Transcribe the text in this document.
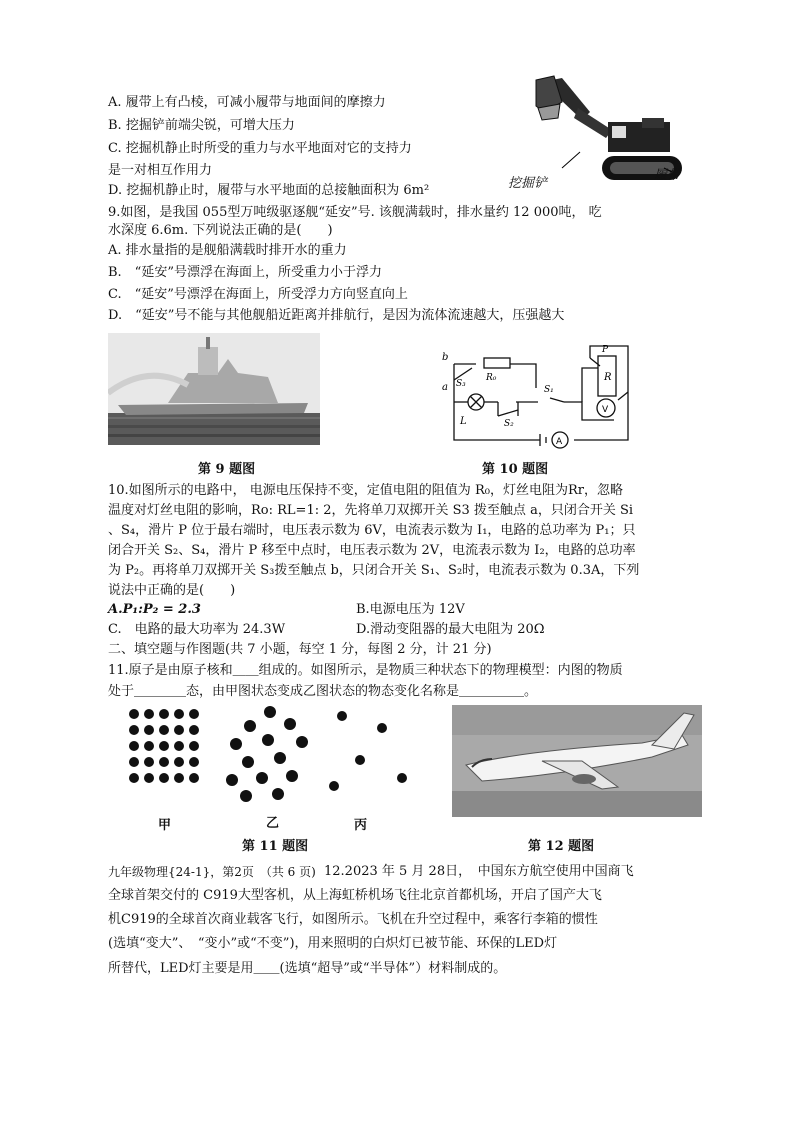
A. 履带上有凸棱，可减小履带与地面间的摩擦力
B. 挖掘铲前端尖锐，可增大压力
C. 挖掘机静止时所受的重力与水平地面对它的支持力
是一对相互作用力
D. 挖掘机静止时，履带与水平地面的总接触面积为 6m²	挖掘铲
履带
9.如图，是我国 055型万吨级驱逐舰“延安”号. 该舰满载时，排水量约 12 000吨， 吃
水深度 6.6m. 下列说法正确的是(　　)
A. 排水量指的是舰船满载时排开水的重力
B.　“延安”号漂浮在海面上，所受重力小于浮力
C.　“延安”号漂浮在海面上，所受浮力方向竖直向上
D.　“延安”号不能与其他舰船近距离并排航行，是因为流体流速越大，压强越大
第 9 题图
b
a S₃
R₀
S₁
L	S₂
P
R
V
A
第 10 题图
10.如图所示的电路中， 电源电压保持不变，定值电阻的阻值为 R₀，灯丝电阻为Rr，忽略
温度对灯丝电阻的影响，Ro: RL=1: 2，先将单刀双掷开关 S3 拨至触点 a，只闭合开关 Si
、S₄，滑片 P 位于最右端时，电压表示数为 6V，电流表示数为 I₁，电路的总功率为 P₁；只
闭合开关 S₂、S₄，滑片 P 移至中点时，电压表示数为 2V，电流表示数为 I₂，电路的总功率
为 P₂。再将单刀双掷开关 S₃拨至触点 b，只闭合开关 S₁、S₂时，电流表示数为 0.3A，下列
说法中正确的是(　　)
A.P₁:P₂ = 2.3	B.电源电压为 12V
C.　电路的最大功率为 24.3W	D.滑动变阻器的最大电阻为 20Ω
二、填空题与作图题(共 7 小题，每空 1 分，每图 2 分，计 21 分)
11.原子是由原子核和＿＿组成的。如图所示，是物质三种状态下的物理模型：内图的物质
处于＿＿＿＿态，由甲图状态变成乙图状态的物态变化名称是＿＿＿＿＿。
甲	乙	丙
第 11 题图	第 12 题图
九年级物理{24-1}，第2页　（共 6 页) 12.2023 年 5 月 28日，　中国东方航空使用中国商飞
全球首架交付的 C919大型客机，从上海虹桥机场飞往北京首都机场，开启了国产大飞
机C919的全球首次商业载客飞行，如图所示。飞机在升空过程中，乘客行李箱的惯性
(选填“变大”、　“变小”或“不变”)，用来照明的白炽灯已被节能、环保的LED灯
所替代，LED灯主要是用＿＿(选填“超导”或“半导体”）材料制成的。
